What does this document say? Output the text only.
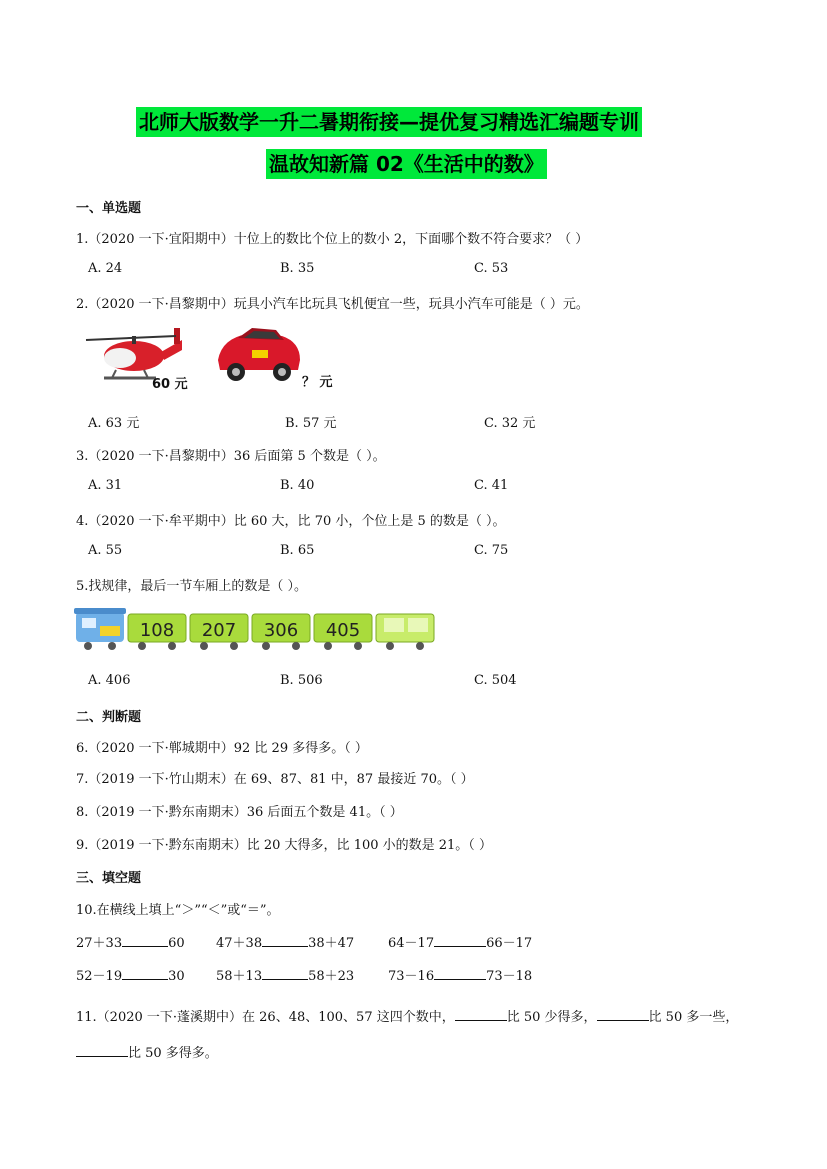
北师大版数学一升二暑期衔接—提优复习精选汇编题专训
温故知新篇 02《生活中的数》
一、单选题
1.（2020 一下·宜阳期中）十位上的数比个位上的数小 2，下面哪个数不符合要求？（ ）
A. 24	B. 35	C. 53
2.（2020 一下·昌黎期中）玩具小汽车比玩具飞机便宜一些，玩具小汽车可能是（ ）元。
60 元	？ 元
A. 63 元	B. 57 元	C. 32 元
3.（2020 一下·昌黎期中）36 后面第 5 个数是（ ）。
A. 31	B. 40	C. 41
4.（2020 一下·牟平期中）比 60 大，比 70 小，个位上是 5 的数是（ ）。
A. 55	B. 65	C. 75
5.找规律，最后一节车厢上的数是（ ）。
108 207 306 405
A. 406	B. 506	C. 504
二、判断题
6.（2020 一下·郸城期中）92 比 29 多得多。（ ）
7.（2019 一下·竹山期末）在 69、87、81 中，87 最接近 70。（ ）
8.（2019 一下·黔东南期末）36 后面五个数是 41。（ ）
9.（2019 一下·黔东南期末）比 20 大得多，比 100 小的数是 21。（ ）
三、填空题
10.在横线上填上“＞”“＜”或“＝”。
27＋33	60 47＋38	38＋47	64－17	66－17
52－19	30 58＋13	58＋23	73－16	73－18
11.（2020 一下·蓬溪期中）在 26、48、100、57 这四个数中，	比 50 少得多，	比 50 多一些，
比 50 多得多。
